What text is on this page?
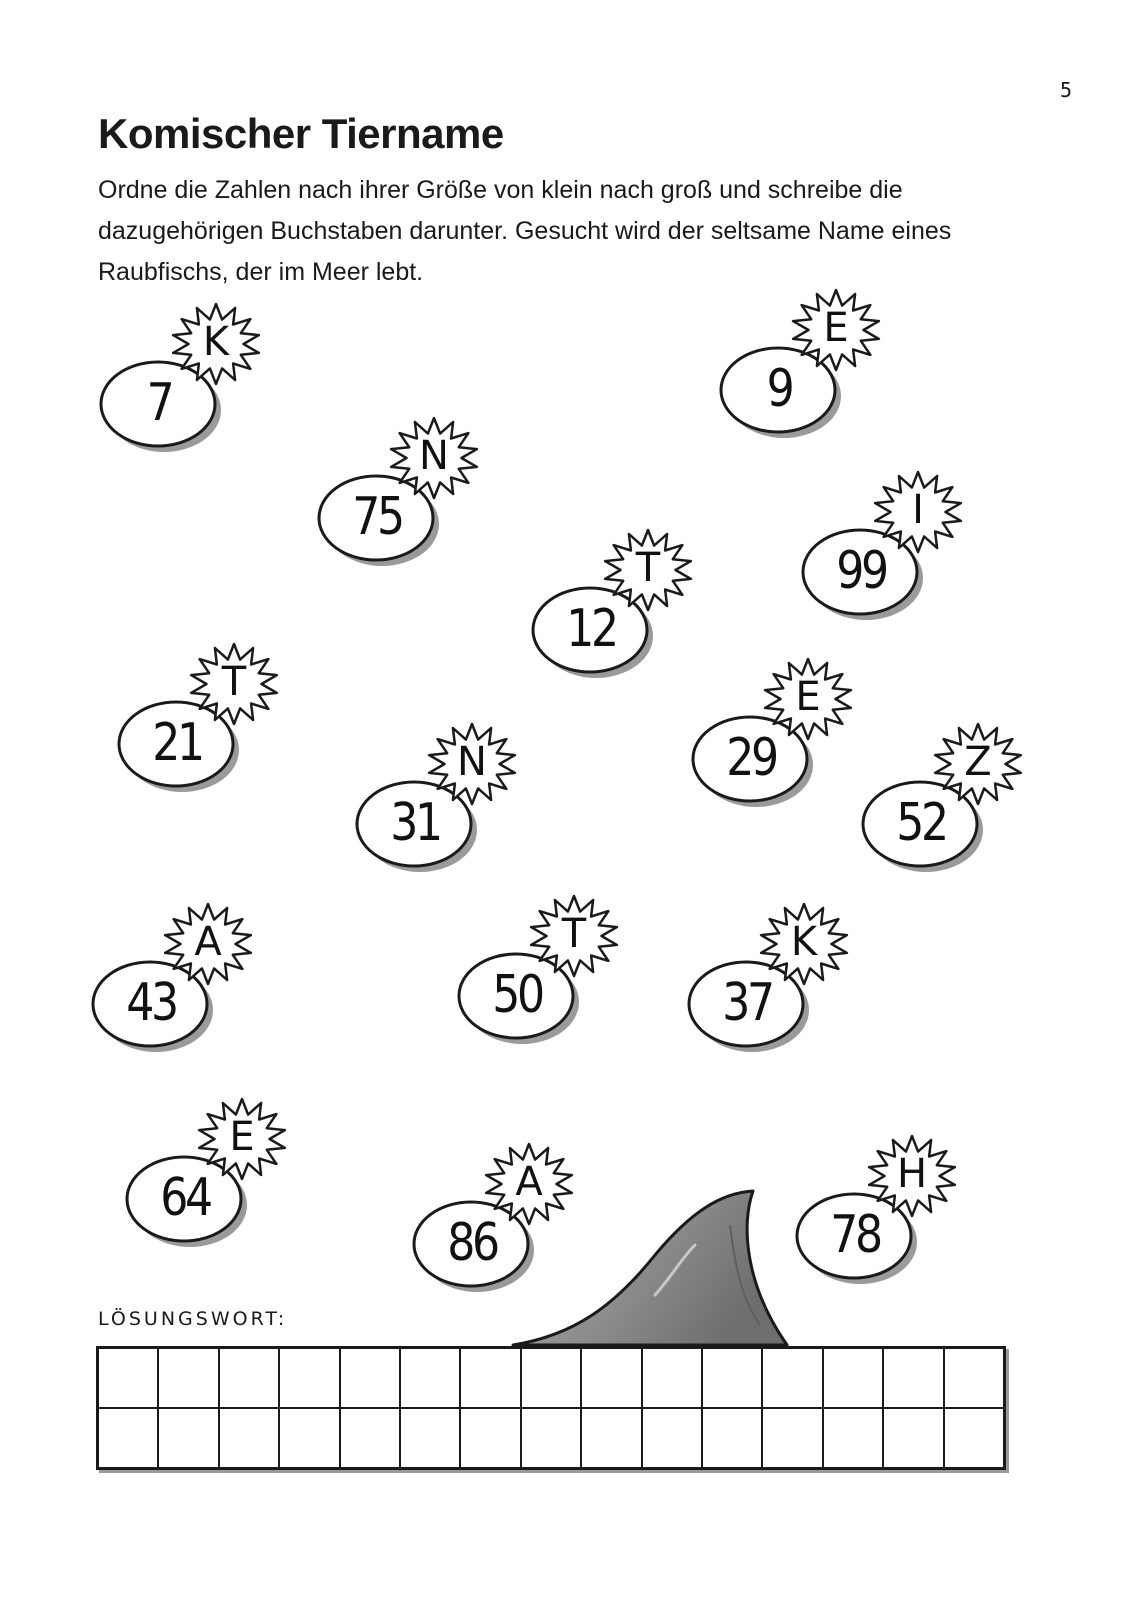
5
Komischer Tiername

Ordne die Zahlen nach ihrer Größe von klein nach groß und schreibe die dazugehörigen Buchstaben darunter. Gesucht wird der seltsame Name eines Raubfischs, der im Meer lebt.

7
K
9
E
75
N
99
I
12
T
21
T
29
E
31
N
52
Z
43
A
50
T
37
K
64
E
86
A
78
H
LÖSUNGSWORT:
